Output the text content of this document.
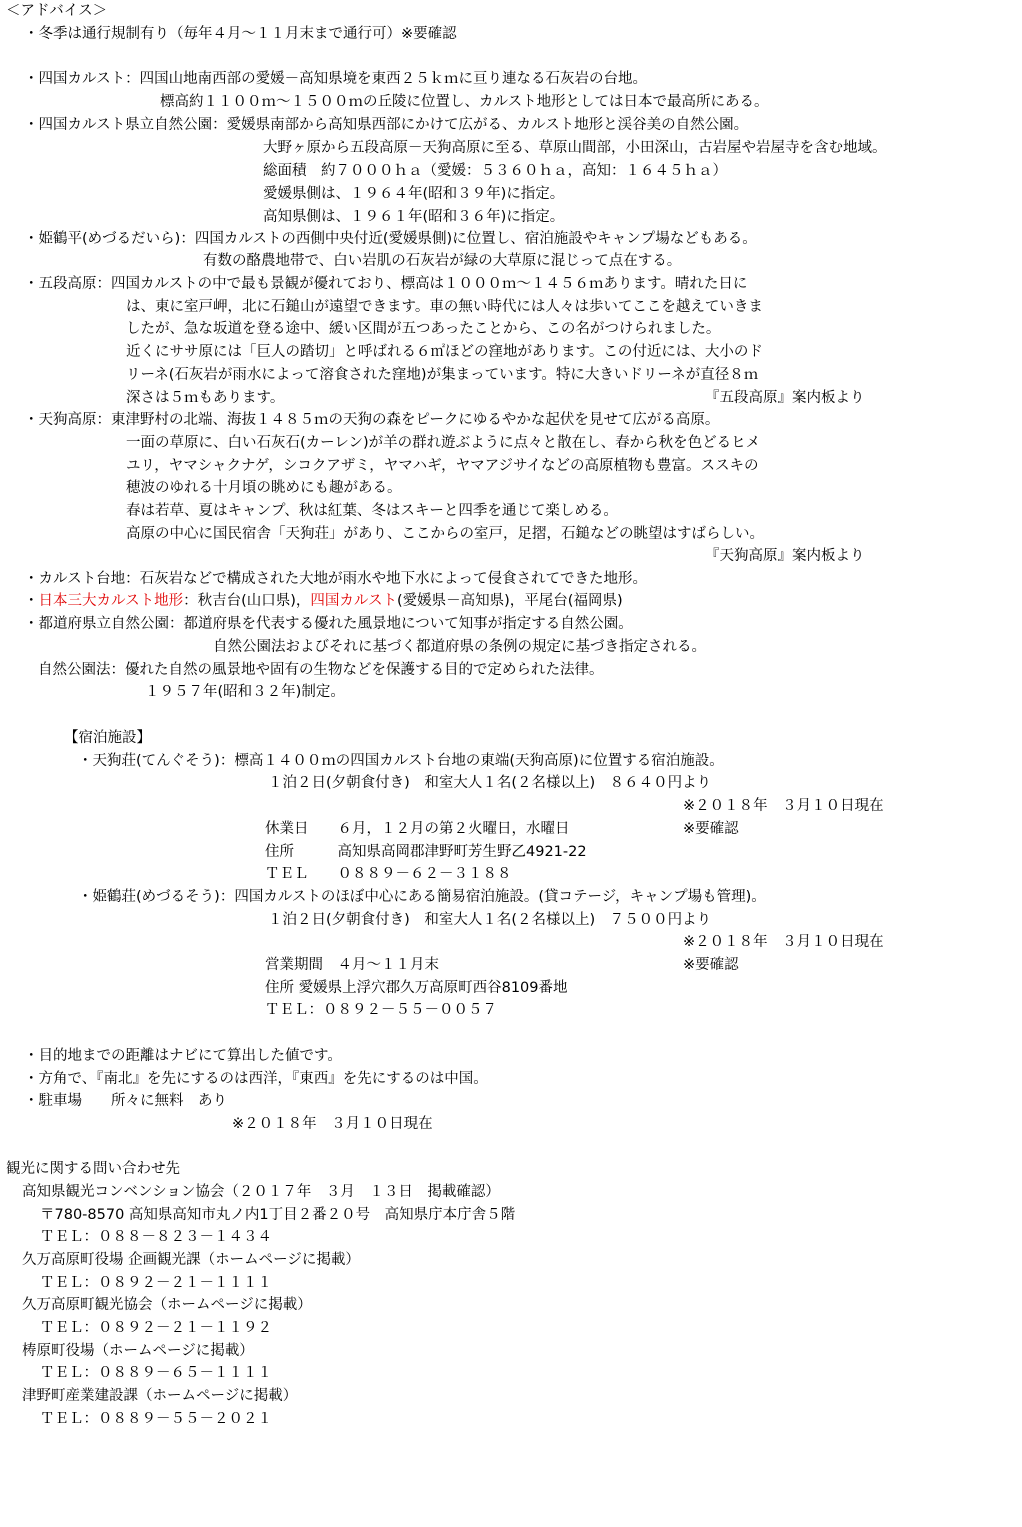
＜アドバイス＞
・冬季は通行規制有り（毎年４月～１１月末まで通行可）※要確認
・四国カルスト：四国山地南西部の愛媛－高知県境を東西２５ｋｍに亘り連なる石灰岩の台地。
標高約１１００ｍ～１５００ｍの丘陵に位置し、カルスト地形としては日本で最高所にある。
・四国カルスト県立自然公園：愛媛県南部から高知県西部にかけて広がる、カルスト地形と渓谷美の自然公園。
大野ヶ原から五段高原－天狗高原に至る、草原山間部，小田深山，古岩屋や岩屋寺を含む地域。
総面積　約７０００ｈａ（愛媛：５３６０ｈａ，高知：１６４５ｈａ）
愛媛県側は、１９６４年(昭和３９年)に指定。
高知県側は、１９６１年(昭和３６年)に指定。
・姫鶴平(めづるだいら)：四国カルストの西側中央付近(愛媛県側)に位置し、宿泊施設やキャンプ場などもある。
有数の酪農地帯で、白い岩肌の石灰岩が緑の大草原に混じって点在する。
・五段高原：四国カルストの中で最も景観が優れており、標高は１０００ｍ～１４５６ｍあります。晴れた日に
は、東に室戸岬，北に石鎚山が遠望できます。車の無い時代には人々は歩いてここを越えていきま
したが、急な坂道を登る途中、緩い区間が五つあったことから、この名がつけられました。
近くにササ原には「巨人の踏切」と呼ばれる６㎡ほどの窪地があります。この付近には、大小のド
リーネ(石灰岩が雨水によって溶食された窪地)が集まっています。特に大きいドリーネが直径８ｍ
深さは５ｍもあります。	『五段高原』案内板より
・天狗高原：東津野村の北端、海抜１４８５ｍの天狗の森をピークにゆるやかな起伏を見せて広がる高原。
一面の草原に、白い石灰石(カーレン)が羊の群れ遊ぶように点々と散在し、春から秋を色どるヒメ
ユリ，ヤマシャクナゲ，シコクアザミ，ヤマハギ，ヤマアジサイなどの高原植物も豊富。ススキの
穂波のゆれる十月頃の眺めにも趣がある。
春は若草、夏はキャンプ、秋は紅葉、冬はスキーと四季を通じて楽しめる。
高原の中心に国民宿舎「天狗荘」があり、ここからの室戸，足摺，石鎚などの眺望はすばらしい。
『天狗高原』案内板より
・カルスト台地：石灰岩などで構成された大地が雨水や地下水によって侵食されてできた地形。
・日本三大カルスト地形：秋吉台(山口県)，四国カルスト(愛媛県－高知県)，平尾台(福岡県)
・都道府県立自然公園：都道府県を代表する優れた風景地について知事が指定する自然公園。
自然公園法およびそれに基づく都道府県の条例の規定に基づき指定される。
自然公園法：優れた自然の風景地や固有の生物などを保護する目的で定められた法律。
１９５７年(昭和３２年)制定。
【宿泊施設】
・天狗荘(てんぐそう)：標高１４００ｍの四国カルスト台地の東端(天狗高原)に位置する宿泊施設。
１泊２日(夕朝食付き)　和室大人１名(２名様以上)　８６４０円より
※２０１８年　３月１０日現在
休業日　　６月，１２月の第２火曜日，水曜日	※要確認
住所　　　高知県高岡郡津野町芳生野乙4921-22
ＴＥＬ　　０８８９－６２－３１８８
・姫鶴荘(めづるそう)：四国カルストのほぼ中心にある簡易宿泊施設。(貸コテージ，キャンプ場も管理)。
１泊２日(夕朝食付き)　和室大人１名(２名様以上)　７５００円より
※２０１８年　３月１０日現在
営業期間　４月～１１月末	※要確認
住所 愛媛県上浮穴郡久万高原町西谷8109番地
ＴＥＬ：０８９２－５５－００５７
・目的地までの距離はナビにて算出した値です。
・方角で、『南北』を先にするのは西洋，『東西』を先にするのは中国。
・駐車場　　所々に無料　あり
※２０１８年　３月１０日現在
観光に関する問い合わせ先
高知県観光コンベンション協会（２０１７年　３月　１３日　掲載確認）
〒780-8570 高知県高知市丸ノ内1丁目２番２０号　高知県庁本庁舎５階
ＴＥＬ：０８８－８２３－１４３４
久万高原町役場 企画観光課（ホームページに掲載）
ＴＥＬ：０８９２－２１－１１１１
久万高原町観光協会（ホームページに掲載）
ＴＥＬ：０８９２－２１－１１９２
梼原町役場（ホームページに掲載）
ＴＥＬ：０８８９－６５－１１１１
津野町産業建設課（ホームページに掲載）
ＴＥＬ：０８８９－５５－２０２１
